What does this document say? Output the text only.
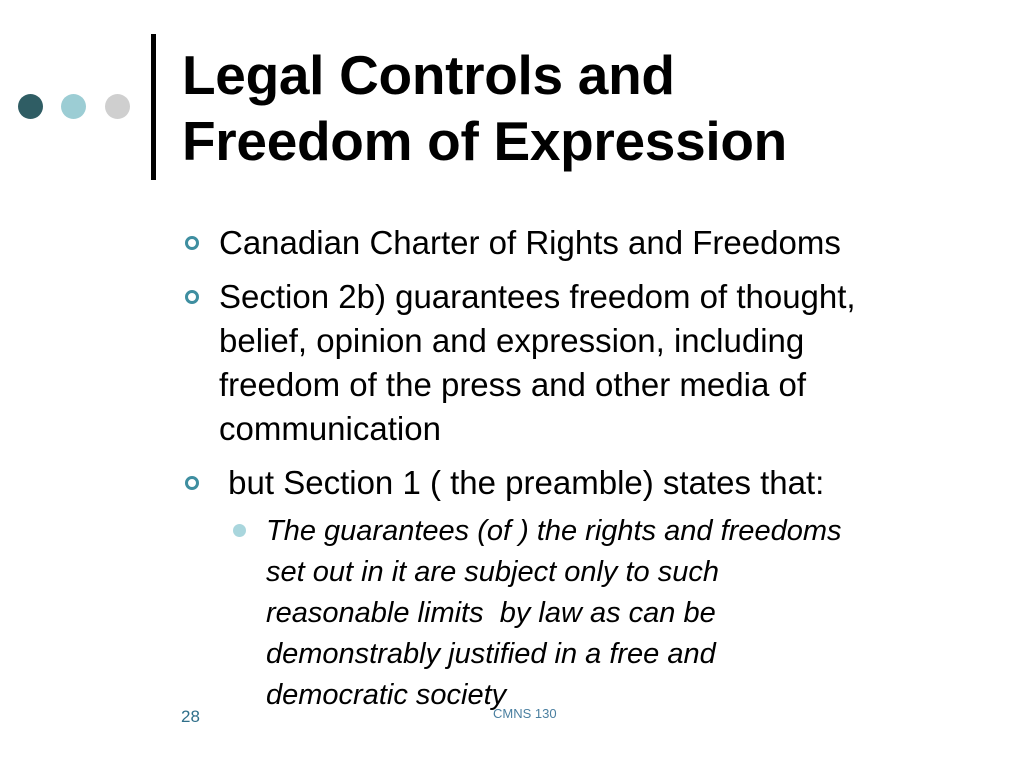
Legal Controls and
Freedom of Expression
Canadian Charter of Rights and Freedoms
Section 2b) guarantees freedom of thought,
belief, opinion and expression, including
freedom of the press and other media of
communication
but Section 1 ( the preamble) states that:
The guarantees (of ) the rights and freedoms
set out in it are subject only to such
reasonable limits  by law as can be
demonstrably justified in a free and
democratic society
28	CMNS 130
